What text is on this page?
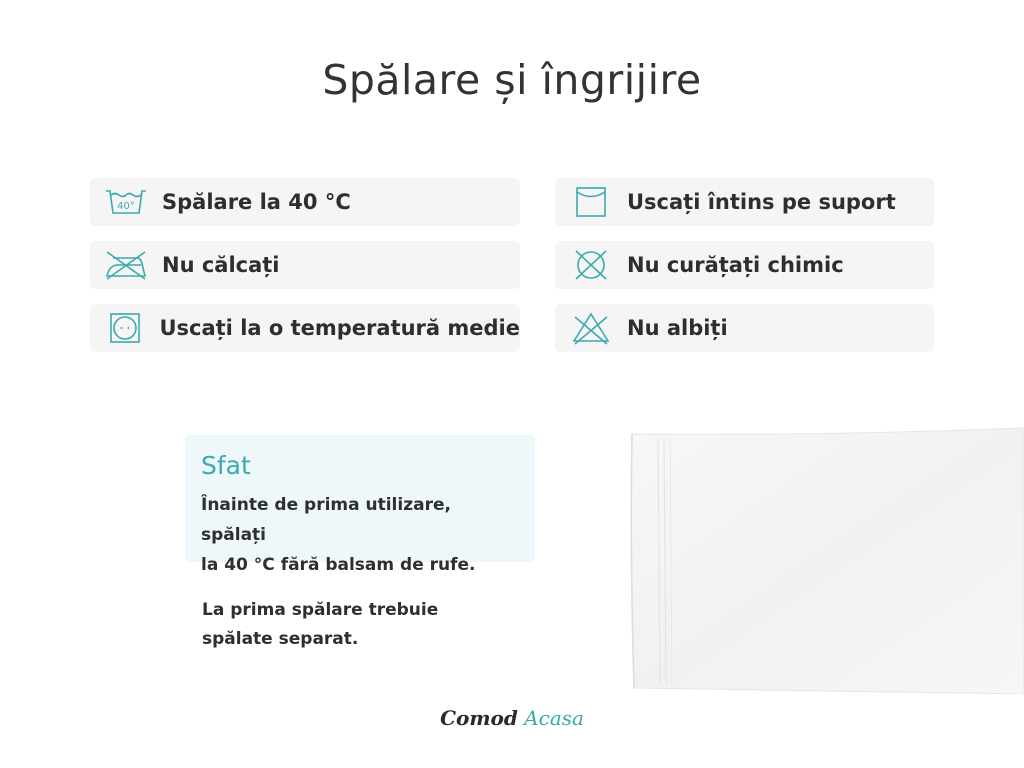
Spălare și îngrijire
40° Spălare la 40 °C
Nu călcați
Uscați la o temperatură medie
Uscați întins pe suport
Nu curățați chimic
Nu albiți
Sfat
Înainte de prima utilizare, spălați
la 40 °C fără balsam de rufe.
La prima spălare trebuie
spălate separat.
Comod Acasa
